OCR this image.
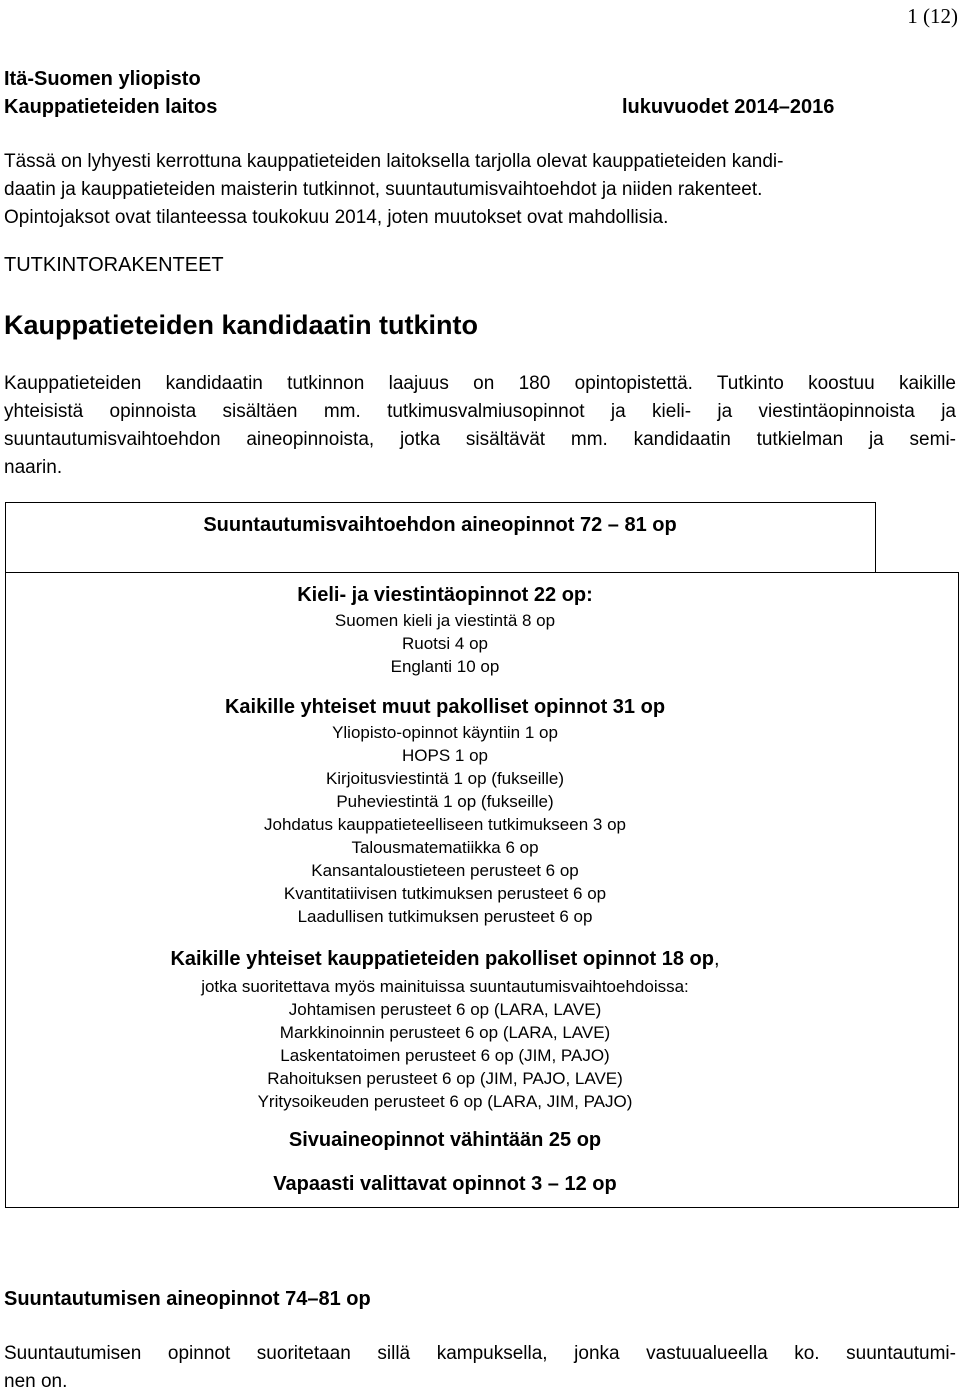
1 (12)
Itä-Suomen yliopisto
Kauppatieteiden laitos	lukuvuodet 2014–2016
Tässä on lyhyesti kerrottuna kauppatieteiden laitoksella tarjolla olevat kauppatieteiden kandi-
daatin ja kauppatieteiden maisterin tutkinnot, suuntautumisvaihtoehdot ja niiden rakenteet.
Opintojaksot ovat tilanteessa toukokuu 2014, joten muutokset ovat mahdollisia.
TUTKINTORAKENTEET
Kauppatieteiden kandidaatin tutkinto
Kauppatieteiden kandidaatin tutkinnon laajuus on 180 opintopistettä. Tutkinto koostuu kaikille
yhteisistä opinnoista sisältäen mm. tutkimusvalmiusopinnot ja kieli- ja viestintäopinnoista ja
suuntautumisvaihtoehdon aineopinnoista, jotka sisältävät mm. kandidaatin tutkielman ja semi-
naarin.
Suuntautumisvaihtoehdon aineopinnot 72 – 81 op
Kieli- ja viestintäopinnot 22 op:
Suomen kieli ja viestintä 8 op
Ruotsi 4 op
Englanti 10 op
Kaikille yhteiset muut pakolliset opinnot 31 op
Yliopisto-opinnot käyntiin 1 op
HOPS 1 op
Kirjoitusviestintä 1 op (fukseille)
Puheviestintä 1 op (fukseille)
Johdatus kauppatieteelliseen tutkimukseen 3 op
Talousmatematiikka 6 op
Kansantaloustieteen perusteet 6 op
Kvantitatiivisen tutkimuksen perusteet 6 op
Laadullisen tutkimuksen perusteet 6 op
Kaikille yhteiset kauppatieteiden pakolliset opinnot 18 op,
jotka suoritettava myös mainituissa suuntautumisvaihtoehdoissa:
Johtamisen perusteet 6 op (LARA, LAVE)
Markkinoinnin perusteet 6 op (LARA, LAVE)
Laskentatoimen perusteet 6 op (JIM, PAJO)
Rahoituksen perusteet 6 op (JIM, PAJO, LAVE)
Yritysoikeuden perusteet 6 op (LARA, JIM, PAJO)
Sivuaineopinnot vähintään 25 op
Vapaasti valittavat opinnot 3 – 12 op
Suuntautumisen aineopinnot 74–81 op
Suuntautumisen opinnot suoritetaan sillä kampuksella, jonka vastuualueella ko. suuntautumi-
nen on.
